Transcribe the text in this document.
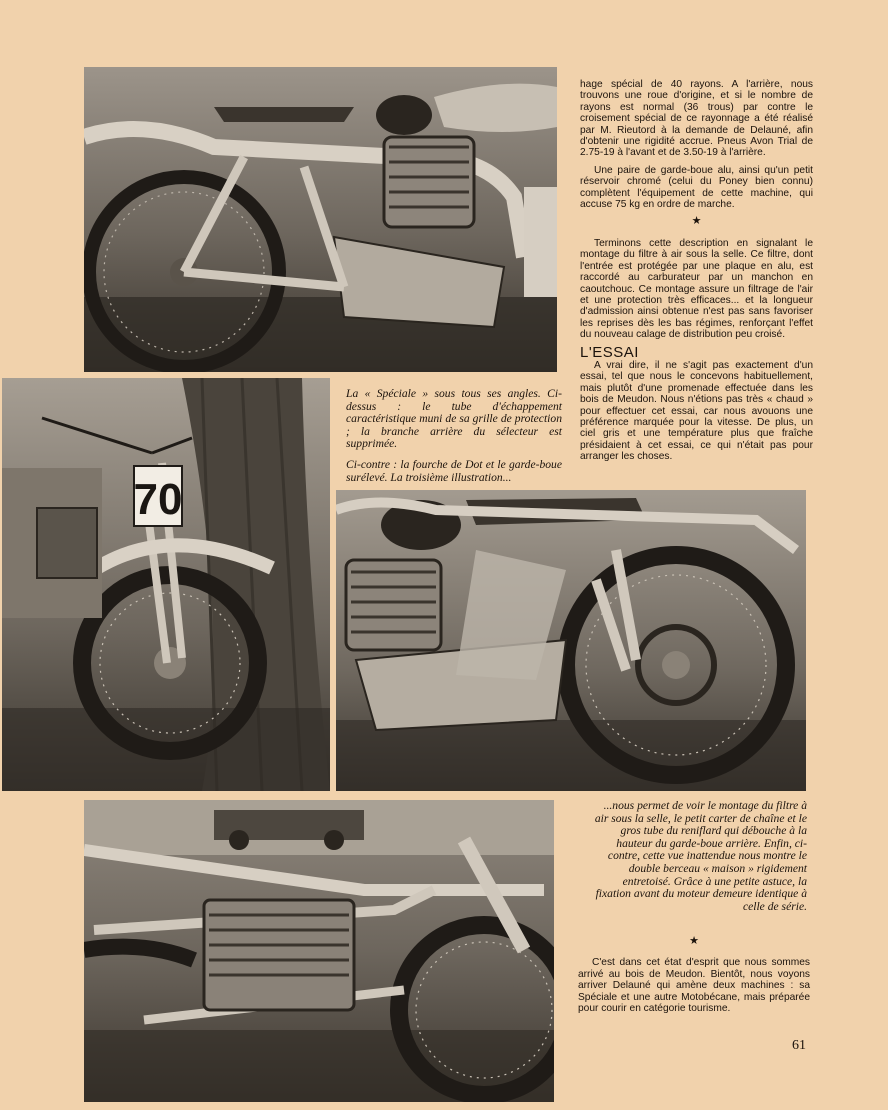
70

hage spécial de 40 rayons. A l'arrière, nous trouvons une roue d'origine, et si le nombre de rayons est normal (36 trous) par contre le croisement spécial de ce rayonnage a été réalisé par M. Rieutord à la demande de Delauné, afin d'obtenir une rigidité accrue. Pneus Avon Trial de 2.75-19 à l'avant et de 3.50-19 à l'arrière.

Une paire de garde-boue alu, ainsi qu'un petit réservoir chromé (celui du Poney bien connu) complètent l'équipement de cette machine, qui accuse 75 kg en ordre de marche.

★

Terminons cette description en signalant le montage du filtre à air sous la selle. Ce filtre, dont l'entrée est protégée par une plaque en alu, est raccordé au carburateur par un manchon en caoutchouc. Ce montage assure un filtrage de l'air et une protection très efficaces... et la longueur d'admission ainsi obtenue n'est pas sans favoriser les reprises dès les bas régimes, renforçant l'effet du nouveau calage de distribution peu croisé.

L'ESSAI

A vrai dire, il ne s'agit pas exactement d'un essai, tel que nous le concevons habituellement, mais plutôt d'une promenade effectuée dans les bois de Meudon. Nous n'étions pas très « chaud » pour effectuer cet essai, car nous avouons une préférence marquée pour la vitesse. De plus, un ciel gris et une température plus que fraîche présidaient à cet essai, ce qui n'était pas pour arranger les choses.

La « Spéciale » sous tous ses angles. Ci-dessus : le tube d'échappement caractéristique muni de sa grille de protection ; la branche arrière du sélecteur est supprimée.

Ci-contre : la fourche de Dot et le garde-boue surélevé. La troisième illustration...

...nous permet de voir le montage du filtre à air sous la selle, le petit carter de chaîne et le gros tube du reniflard qui débouche à la hauteur du garde-boue arrière. Enfin, ci-contre, cette vue inattendue nous montre le double berceau « maison » rigidement entretoisé. Grâce à une petite astuce, la fixation avant du moteur demeure identique à celle de série.

★

C'est dans cet état d'esprit que nous sommes arrivé au bois de Meudon. Bientôt, nous voyons arriver Delauné qui amène deux machines : sa Spéciale et une autre Motobécane, mais préparée pour courir en catégorie tourisme.

61
